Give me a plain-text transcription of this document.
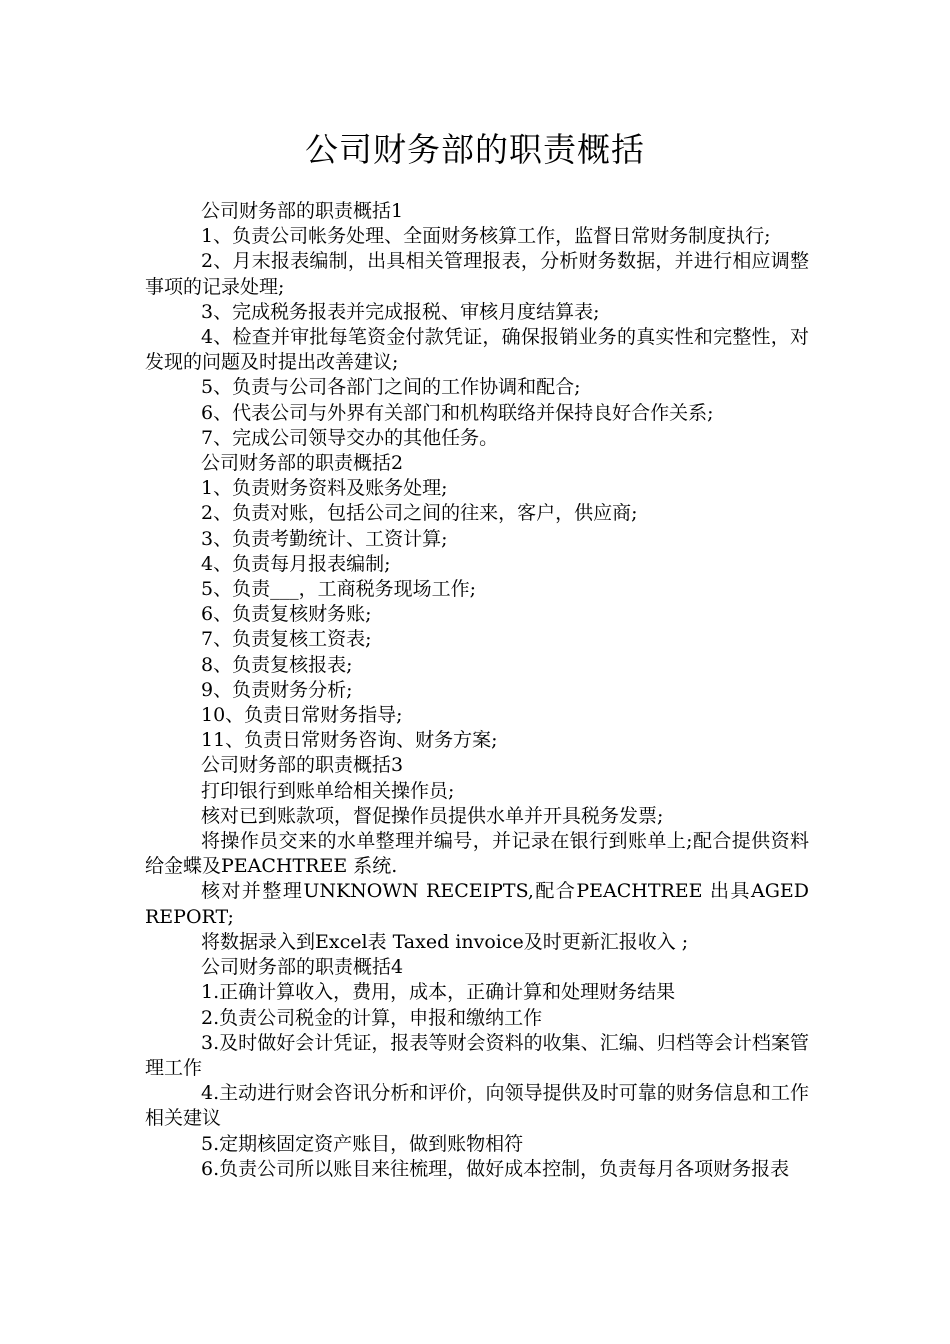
公司财务部的职责概括

公司财务部的职责概括1

1、负责公司帐务处理、全面财务核算工作，监督日常财务制度执行;

2、月末报表编制，出具相关管理报表，分析财务数据，并进行相应调整事项的记录处理;

3、完成税务报表并完成报税、审核月度结算表;

4、检查并审批每笔资金付款凭证，确保报销业务的真实性和完整性，对发现的问题及时提出改善建议;

5、负责与公司各部门之间的工作协调和配合;

6、代表公司与外界有关部门和机构联络并保持良好合作关系;

7、完成公司领导交办的其他任务。

公司财务部的职责概括2

1、负责财务资料及账务处理;

2、负责对账，包括公司之间的往来，客户，供应商;

3、负责考勤统计、工资计算;

4、负责每月报表编制;

5、负责___，工商税务现场工作;

6、负责复核财务账;

7、负责复核工资表;

8、负责复核报表;

9、负责财务分析;

10、负责日常财务指导;

11、负责日常财务咨询、财务方案;

公司财务部的职责概括3

打印银行到账单给相关操作员;

核对已到账款项，督促操作员提供水单并开具税务发票;

将操作员交来的水单整理并编号，并记录在银行到账单上;配合提供资料给金蝶及PEACHTREE 系统.

核对并整理UNKNOWN RECEIPTS,配合PEACHTREE 出具AGED REPORT;

将数据录入到Excel表 Taxed invoice及时更新汇报收入 ;

公司财务部的职责概括4

1.正确计算收入，费用，成本，正确计算和处理财务结果

2.负责公司税金的计算，申报和缴纳工作

3.及时做好会计凭证，报表等财会资料的收集、汇编、归档等会计档案管理工作

4.主动进行财会咨讯分析和评价，向领导提供及时可靠的财务信息和工作相关建议

5.定期核固定资产账目，做到账物相符

6.负责公司所以账目来往梳理，做好成本控制，负责每月各项财务报表
